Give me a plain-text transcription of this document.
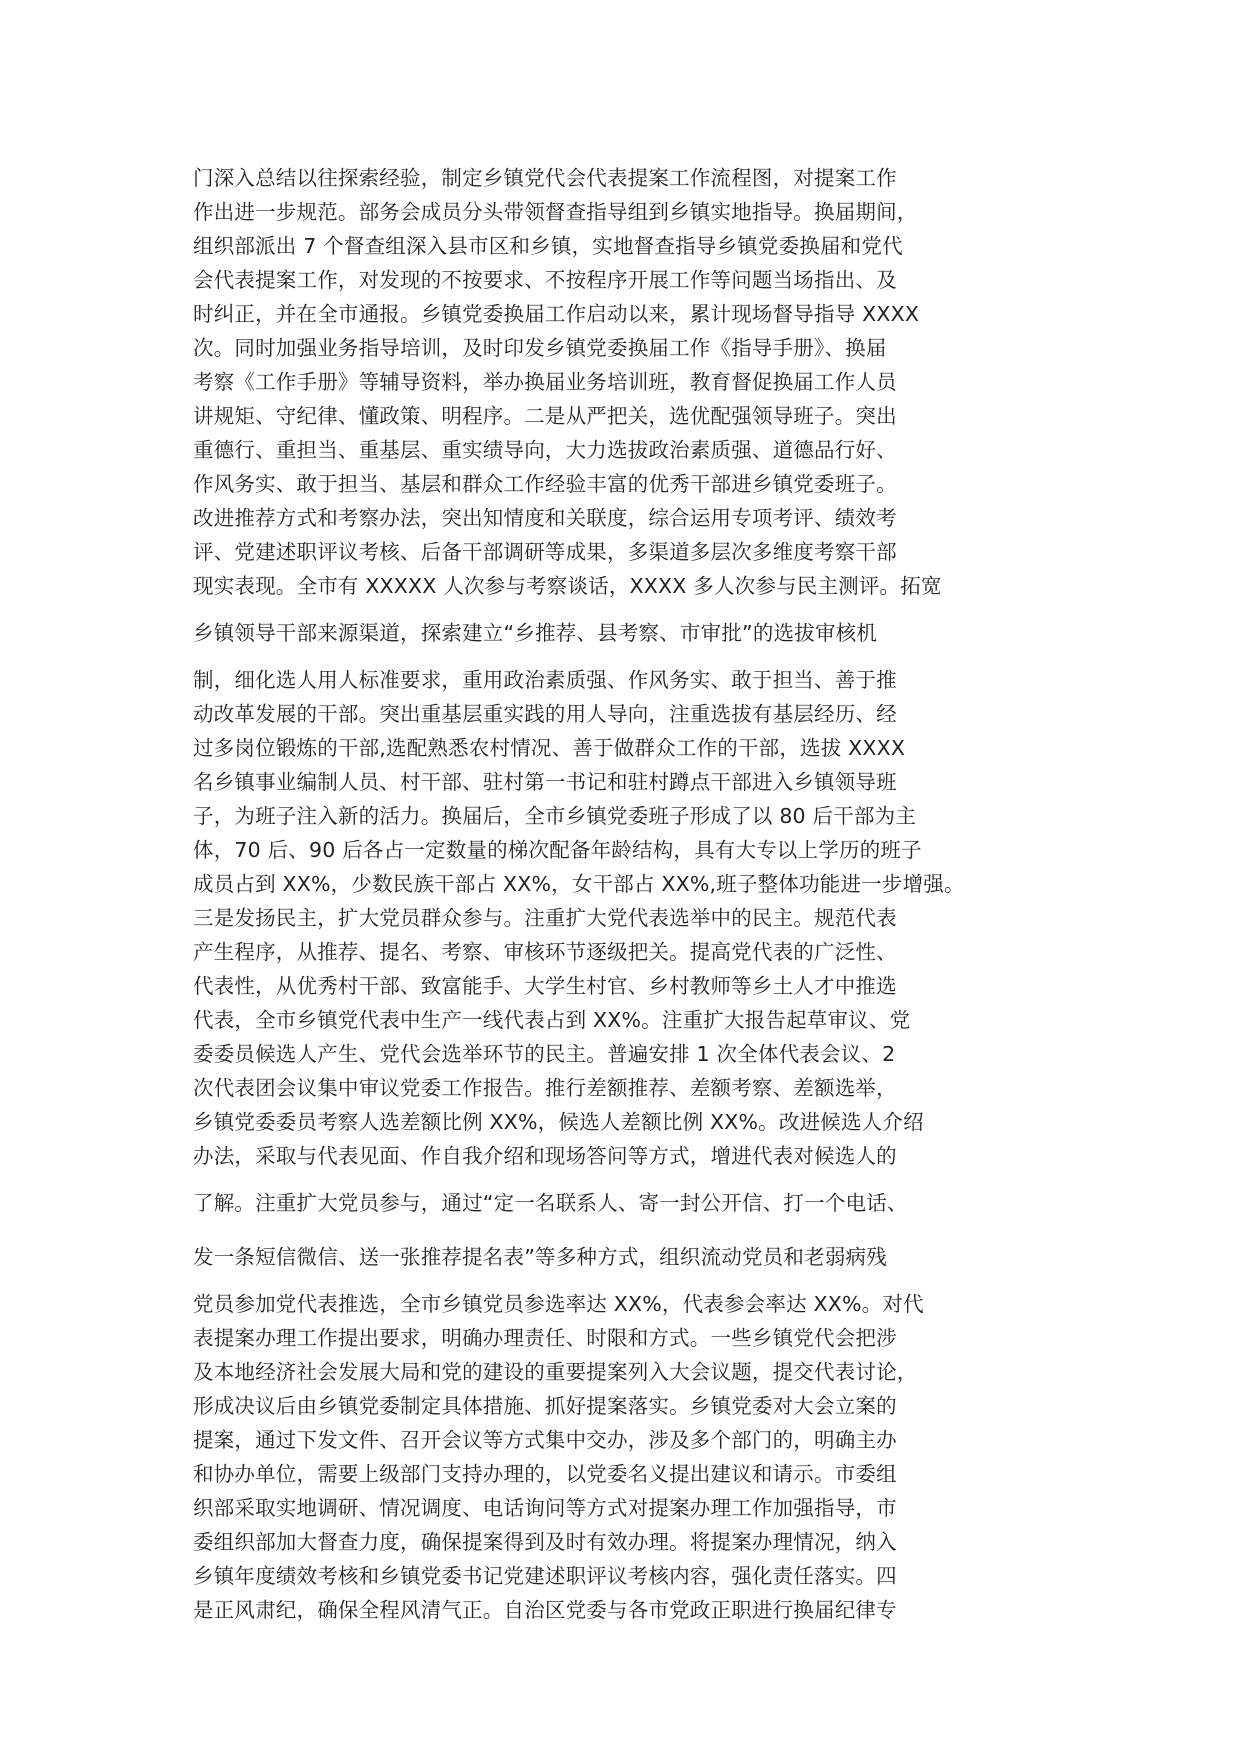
门深入总结以往探索经验，制定乡镇党代会代表提案工作流程图，对提案工作
作出进一步规范。部务会成员分头带领督查指导组到乡镇实地指导。换届期间，
组织部派出 7 个督查组深入县市区和乡镇，实地督查指导乡镇党委换届和党代
会代表提案工作，对发现的不按要求、不按程序开展工作等问题当场指出、及
时纠正，并在全市通报。乡镇党委换届工作启动以来，累计现场督导指导 XXXX
次。同时加强业务指导培训，及时印发乡镇党委换届工作《指导手册》、换届
考察《工作手册》等辅导资料，举办换届业务培训班，教育督促换届工作人员
讲规矩、守纪律、懂政策、明程序。二是从严把关，选优配强领导班子。突出
重德行、重担当、重基层、重实绩导向，大力选拔政治素质强、道德品行好、
作风务实、敢于担当、基层和群众工作经验丰富的优秀干部进乡镇党委班子。
改进推荐方式和考察办法，突出知情度和关联度，综合运用专项考评、绩效考
评、党建述职评议考核、后备干部调研等成果，多渠道多层次多维度考察干部
现实表现。全市有 XXXXX 人次参与考察谈话，XXXX 多人次参与民主测评。拓宽
乡镇领导干部来源渠道，探索建立“乡推荐、县考察、市审批”的选拔审核机
制，细化选人用人标准要求，重用政治素质强、作风务实、敢于担当、善于推
动改革发展的干部。突出重基层重实践的用人导向，注重选拔有基层经历、经
过多岗位锻炼的干部,选配熟悉农村情况、善于做群众工作的干部，选拔 XXXX
名乡镇事业编制人员、村干部、驻村第一书记和驻村蹲点干部进入乡镇领导班
子，为班子注入新的活力。换届后，全市乡镇党委班子形成了以 80 后干部为主
体，70 后、90 后各占一定数量的梯次配备年龄结构，具有大专以上学历的班子
成员占到 XX%，少数民族干部占 XX%，女干部占 XX%,班子整体功能进一步增强。
三是发扬民主，扩大党员群众参与。注重扩大党代表选举中的民主。规范代表
产生程序，从推荐、提名、考察、审核环节逐级把关。提高党代表的广泛性、
代表性，从优秀村干部、致富能手、大学生村官、乡村教师等乡土人才中推选
代表，全市乡镇党代表中生产一线代表占到 XX%。注重扩大报告起草审议、党
委委员候选人产生、党代会选举环节的民主。普遍安排 1 次全体代表会议、2
次代表团会议集中审议党委工作报告。推行差额推荐、差额考察、差额选举，
乡镇党委委员考察人选差额比例 XX%，候选人差额比例 XX%。改进候选人介绍
办法，采取与代表见面、作自我介绍和现场答问等方式，增进代表对候选人的
了解。注重扩大党员参与，通过“定一名联系人、寄一封公开信、打一个电话、
发一条短信微信、送一张推荐提名表”等多种方式，组织流动党员和老弱病残
党员参加党代表推选，全市乡镇党员参选率达 XX%，代表参会率达 XX%。对代
表提案办理工作提出要求，明确办理责任、时限和方式。一些乡镇党代会把涉
及本地经济社会发展大局和党的建设的重要提案列入大会议题，提交代表讨论，
形成决议后由乡镇党委制定具体措施、抓好提案落实。乡镇党委对大会立案的
提案，通过下发文件、召开会议等方式集中交办，涉及多个部门的，明确主办
和协办单位，需要上级部门支持办理的，以党委名义提出建议和请示。市委组
织部采取实地调研、情况调度、电话询问等方式对提案办理工作加强指导，市
委组织部加大督查力度，确保提案得到及时有效办理。将提案办理情况，纳入
乡镇年度绩效考核和乡镇党委书记党建述职评议考核内容，强化责任落实。四
是正风肃纪，确保全程风清气正。自治区党委与各市党政正职进行换届纪律专
